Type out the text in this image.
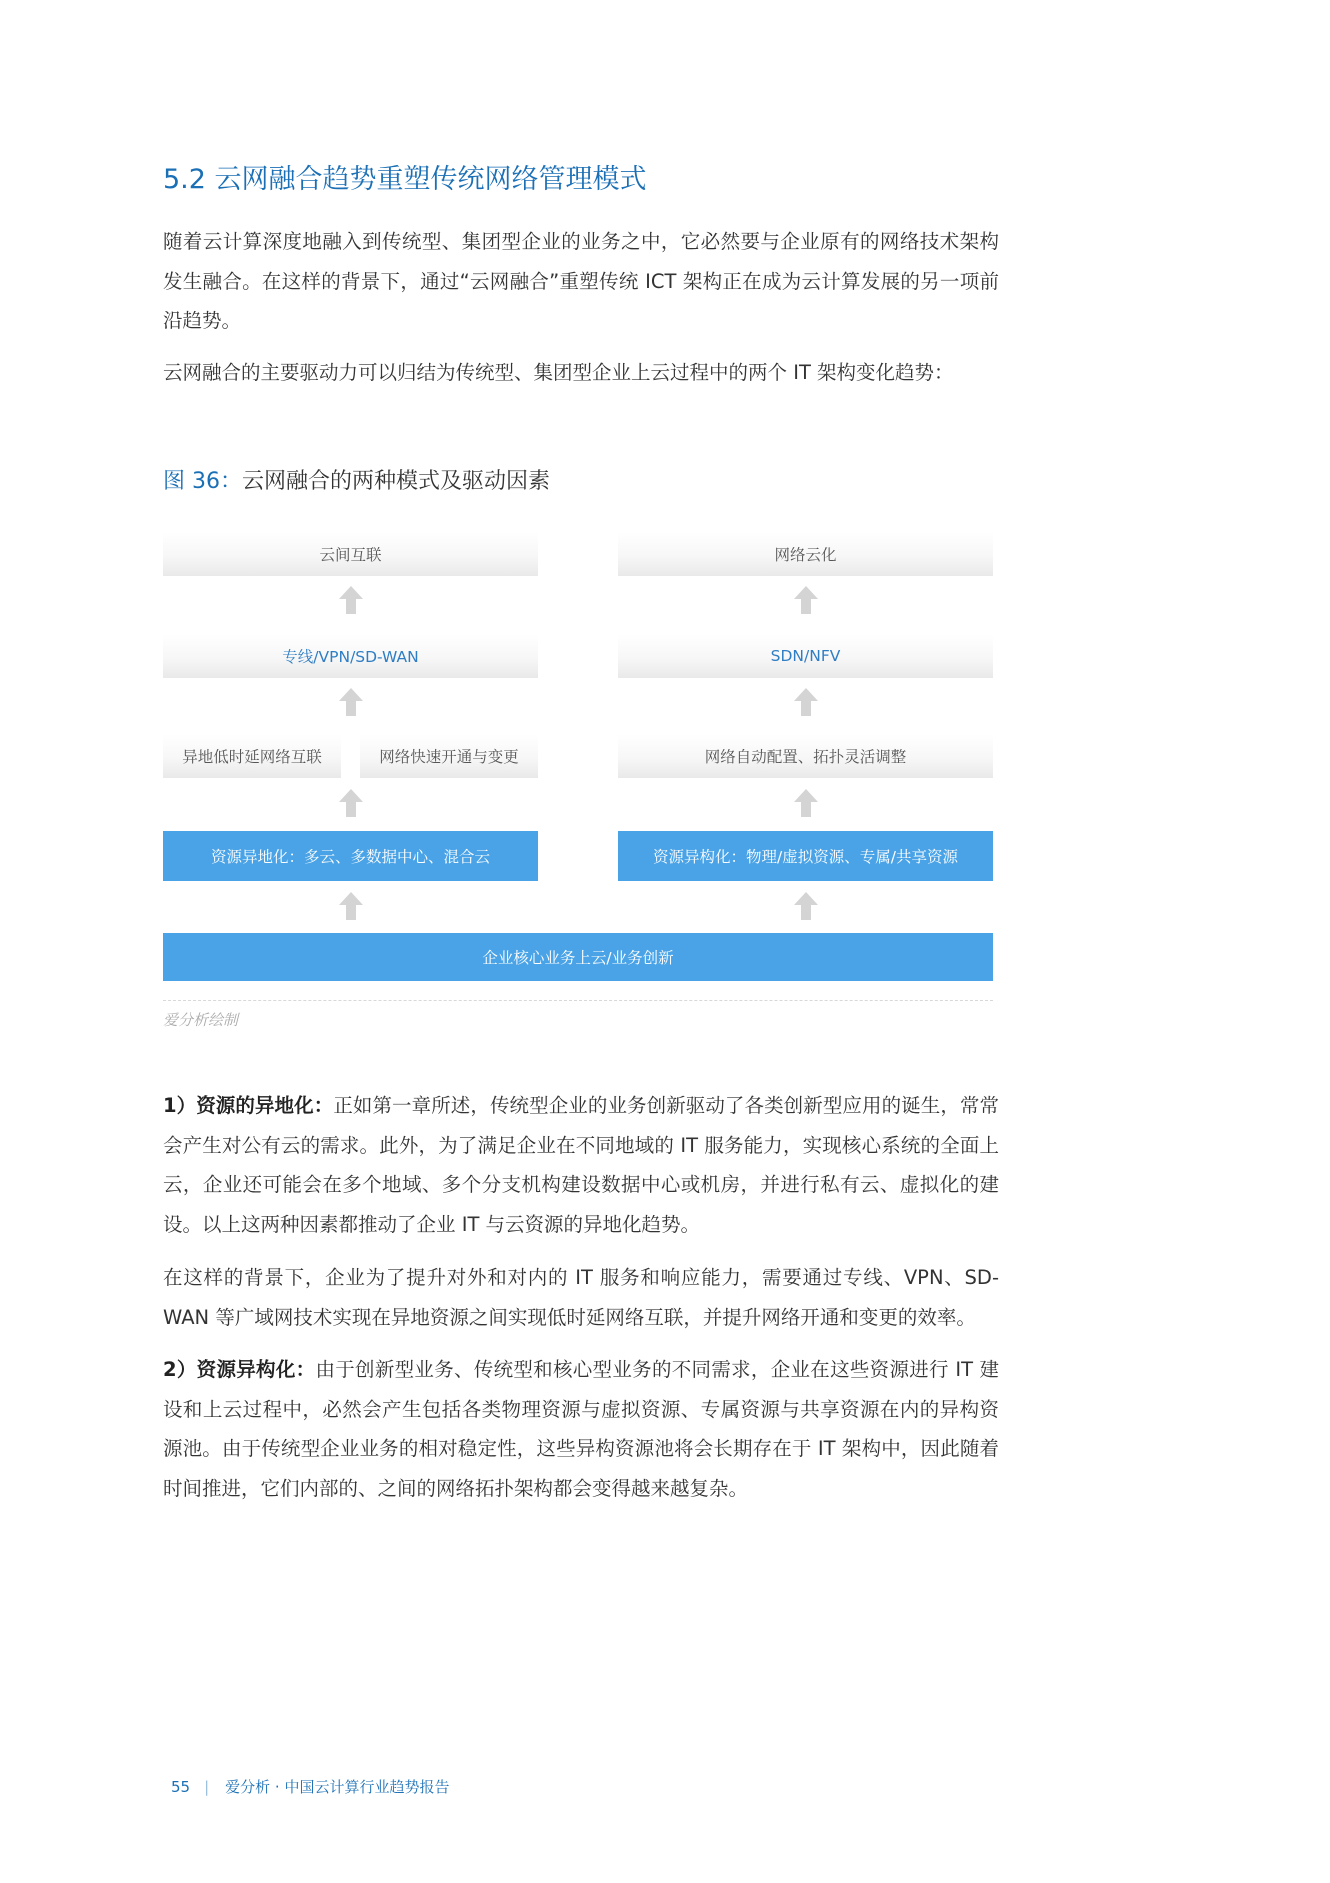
5.2 云网融合趋势重塑传统网络管理模式

随着云计算深度地融入到传统型、集团型企业的业务之中，它必然要与企业原有的网络技术架构发生融合。在这样的背景下，通过“云网融合”重塑传统 ICT 架构正在成为云计算发展的另一项前沿趋势。

云网融合的主要驱动力可以归结为传统型、集团型企业上云过程中的两个 IT 架构变化趋势：

图 36：云网融合的两种模式及驱动因素

云间互联
专线/VPN/SD-WAN
异地低时延网络互联	网络快速开通与变更
资源异地化：多云、多数据中心、混合云
网络云化
SDN/NFV
网络自动配置、拓扑灵活调整
资源异构化：物理/虚拟资源、专属/共享资源
企业核心业务上云/业务创新

爱分析绘制

1）资源的异地化：正如第一章所述，传统型企业的业务创新驱动了各类创新型应用的诞生，常常会产生对公有云的需求。此外，为了满足企业在不同地域的 IT 服务能力，实现核心系统的全面上云，企业还可能会在多个地域、多个分支机构建设数据中心或机房，并进行私有云、虚拟化的建设。以上这两种因素都推动了企业 IT 与云资源的异地化趋势。

在这样的背景下，企业为了提升对外和对内的 IT 服务和响应能力，需要通过专线、VPN、SD-WAN 等广域网技术实现在异地资源之间实现低时延网络互联，并提升网络开通和变更的效率。

2）资源异构化：由于创新型业务、传统型和核心型业务的不同需求，企业在这些资源进行 IT 建设和上云过程中，必然会产生包括各类物理资源与虚拟资源、专属资源与共享资源在内的异构资源池。由于传统型企业业务的相对稳定性，这些异构资源池将会长期存在于 IT 架构中，因此随着时间推进，它们内部的、之间的网络拓扑架构都会变得越来越复杂。

55 | 爱分析 · 中国云计算行业趋势报告
